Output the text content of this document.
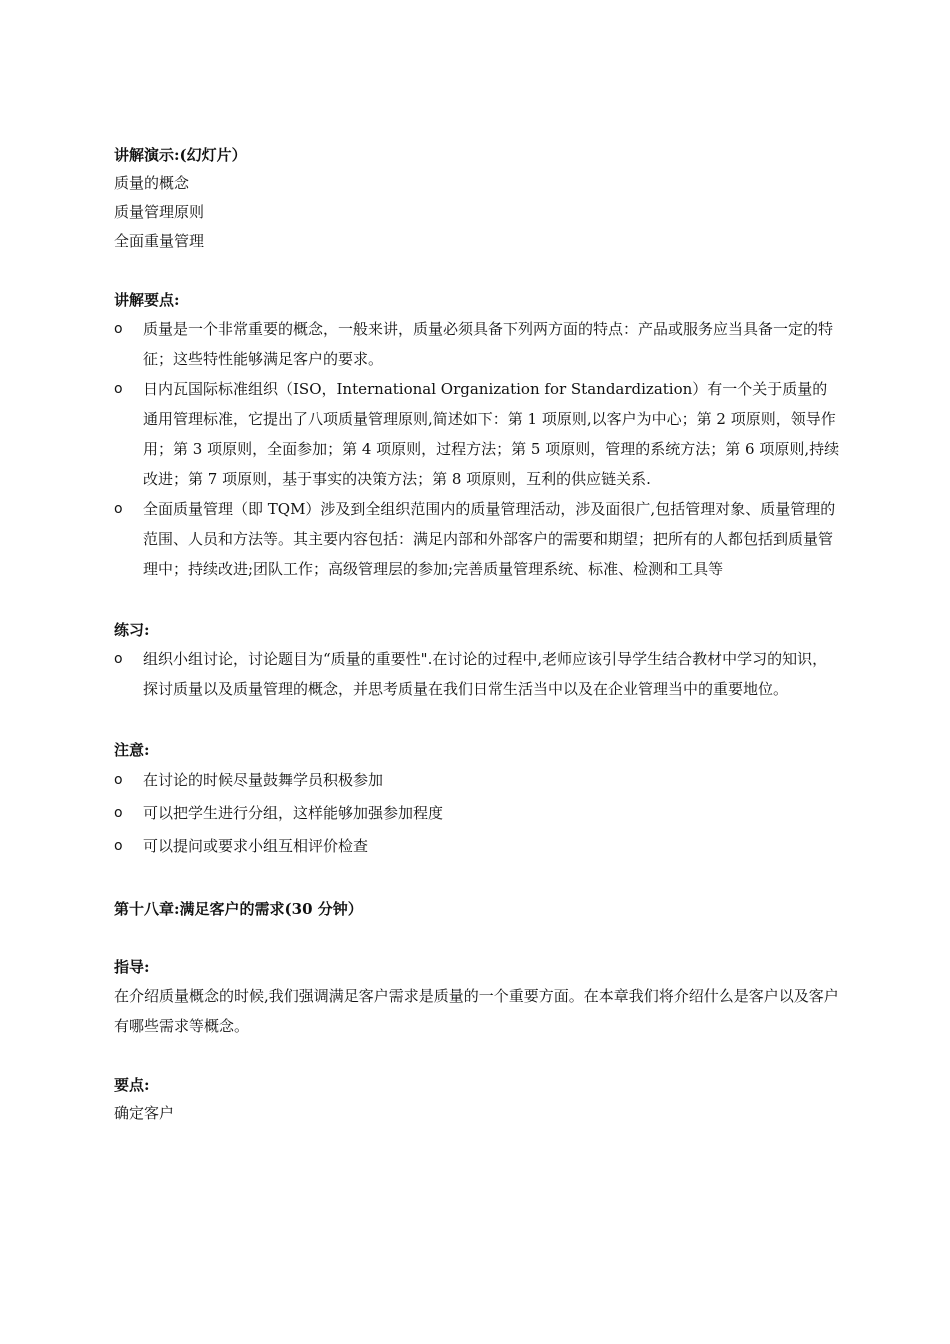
讲解演示:(幻灯片）
质量的概念
质量管理原则
全面重量管理
讲解要点:
o 质量是一个非常重要的概念，一般来讲，质量必须具备下列两方面的特点：产品或服务应当具备一定的特征；这些特性能够满足客户的要求。
o 日内瓦国际标准组织（ISO，International Organization for Standardization）有一个关于质量的通用管理标准，它提出了八项质量管理原则,简述如下：第 1 项原则,以客户为中心；第 2 项原则，领导作用；第 3 项原则，全面参加；第 4 项原则，过程方法；第 5 项原则，管理的系统方法；第 6 项原则,持续改进；第 7 项原则，基于事实的决策方法；第 8 项原则，互利的供应链关系.
o 全面质量管理（即 TQM）涉及到全组织范围内的质量管理活动，涉及面很广,包括管理对象、质量管理的范围、人员和方法等。其主要内容包括：满足内部和外部客户的需要和期望；把所有的人都包括到质量管理中；持续改进;团队工作；高级管理层的参加;完善质量管理系统、标准、检测和工具等
练习:
o 组织小组讨论，讨论题目为“质量的重要性".在讨论的过程中,老师应该引导学生结合教材中学习的知识，探讨质量以及质量管理的概念，并思考质量在我们日常生活当中以及在企业管理当中的重要地位。
注意:
o 在讨论的时候尽量鼓舞学员积极参加
o 可以把学生进行分组，这样能够加强参加程度
o 可以提问或要求小组互相评价检查
第十八章:满足客户的需求(30 分钟）
指导:
在介绍质量概念的时候,我们强调满足客户需求是质量的一个重要方面。在本章我们将介绍什么是客户以及客户有哪些需求等概念。
要点:
确定客户
